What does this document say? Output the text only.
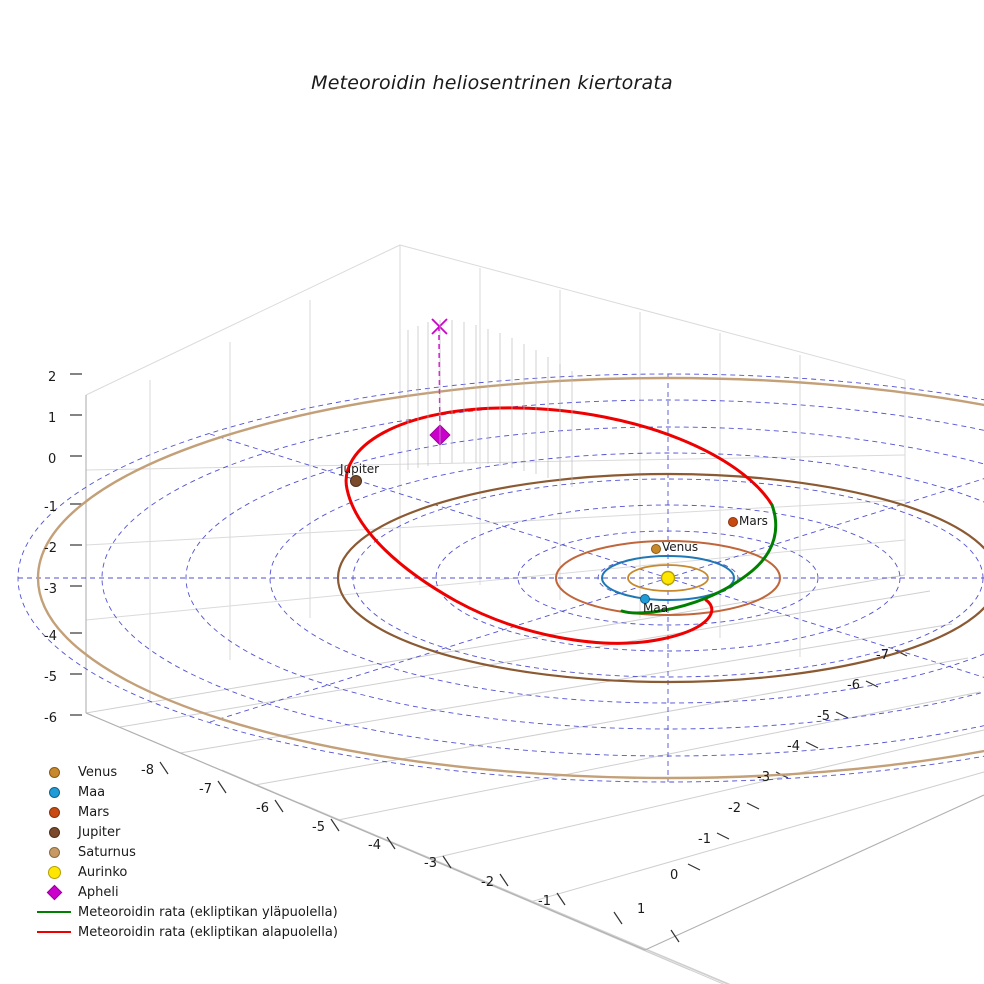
Meteoroidin heliosentrinen kiertorata
2
1
0
-1
-2
-3
-4
-5
-6
-8
-7
-6
-5
-4
-3
-2
-1
0
1
-7
-6
-5
-4
-3
-2
-1
Jupiter
Mars
Venus
Maa
Venus
Maa
Mars
Jupiter
Saturnus
Aurinko
Apheli
Meteoroidin rata (ekliptikan yläpuolella)
Meteoroidin rata (ekliptikan alapuolella)
